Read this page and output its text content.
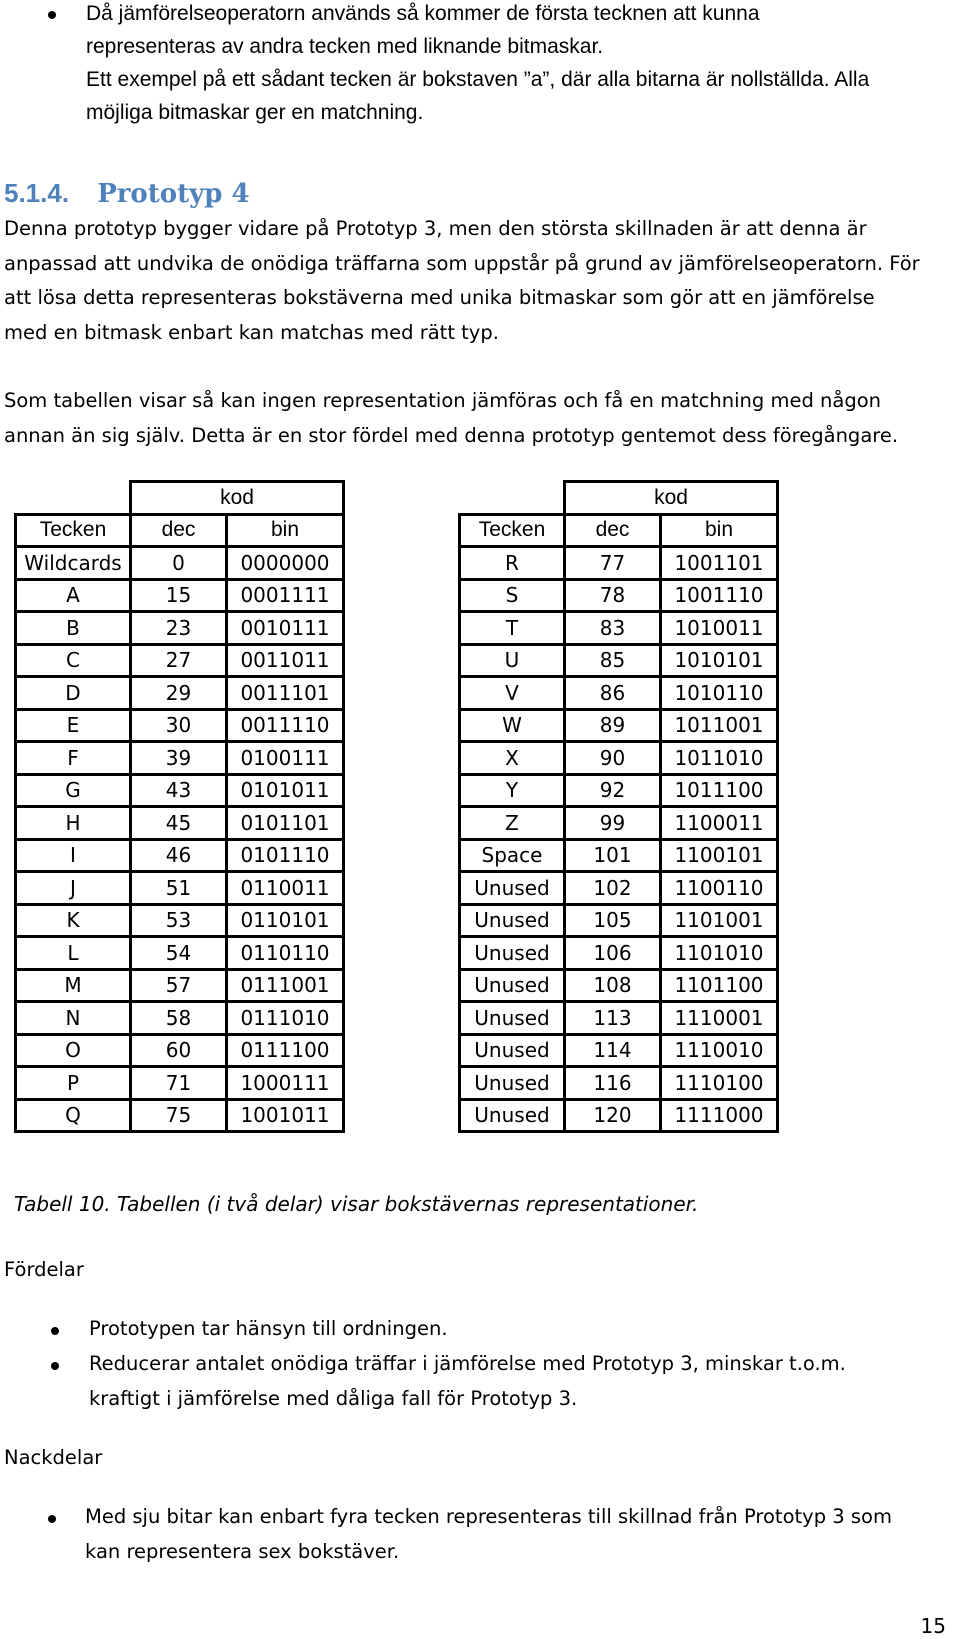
Då jämförelseoperatorn används så kommer de första tecknen att kunna
representeras av andra tecken med liknande bitmaskar.
Ett exempel på ett sådant tecken är bokstaven ”a”, där alla bitarna är nollställda. Alla
möjliga bitmaskar ger en matchning.
5.1.4. Prototyp 4
Denna prototyp bygger vidare på Prototyp 3, men den största skillnaden är att denna är
anpassad att undvika de onödiga träffarna som uppstår på grund av jämförelseoperatorn. För
att lösa detta representeras bokstäverna med unika bitmaskar som gör att en jämförelse
med en bitmask enbart kan matchas med rätt typ.
Som tabellen visar så kan ingen representation jämföras och få en matchning med någon
annan än sig själv. Detta är en stor fördel med denna prototyp gentemot dess föregångare.
	kod	
Tecken	dec	bin
Wildcards	0	0000000
A	15	0001111
B	23	0010111
C	27	0011011
D	29	0011101
E	30	0011110
F	39	0100111
G	43	0101011
H	45	0101101
I	46	0101110
J	51	0110011
K	53	0110101
L	54	0110110
M	57	0111001
N	58	0111010
O	60	0111100
P	71	1000111
Q	75	1001011
	kod	
Tecken	dec	bin
R	77	1001101
S	78	1001110
T	83	1010011
U	85	1010101
V	86	1010110
W	89	1011001
X	90	1011010
Y	92	1011100
Z	99	1100011
Space	101	1100101
Unused	102	1100110
Unused	105	1101001
Unused	106	1101010
Unused	108	1101100
Unused	113	1110001
Unused	114	1110010
Unused	116	1110100
Unused	120	1111000
Tabell 10. Tabellen (i två delar) visar bokstävernas representationer.
Fördelar
Prototypen tar hänsyn till ordningen.
Reducerar antalet onödiga träffar i jämförelse med Prototyp 3, minskar t.o.m.
kraftigt i jämförelse med dåliga fall för Prototyp 3.
Nackdelar
Med sju bitar kan enbart fyra tecken representeras till skillnad från Prototyp 3 som
kan representera sex bokstäver.
15
